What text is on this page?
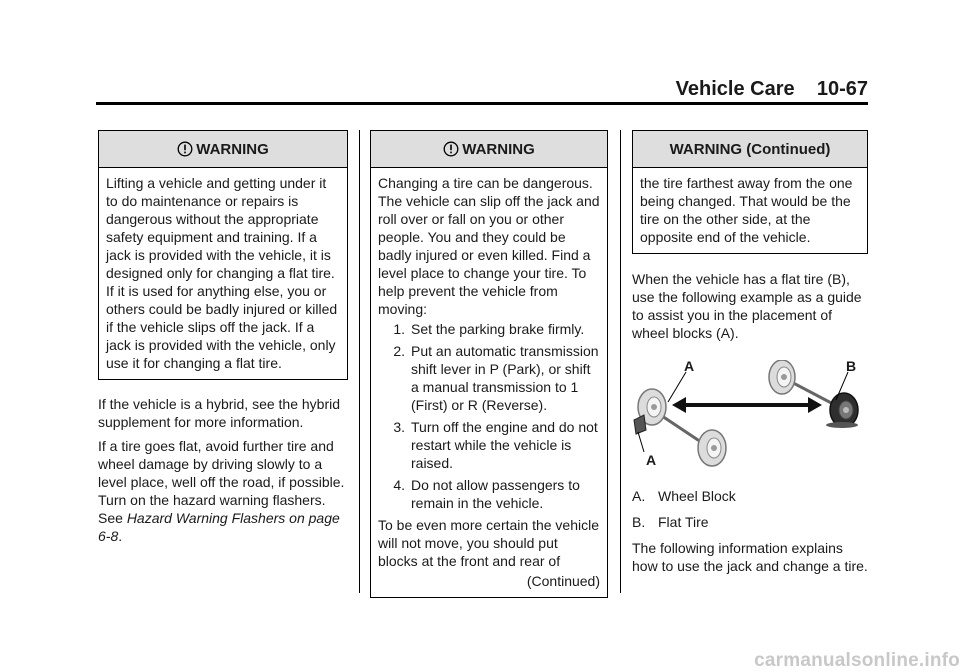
Vehicle Care    10-67
WARNING

Lifting a vehicle and getting under it to do maintenance or repairs is dangerous without the appropriate safety equipment and training. If a jack is provided with the vehicle, it is designed only for changing a flat tire. If it is used for anything else, you or others could be badly injured or killed if the vehicle slips off the jack. If a jack is provided with the vehicle, only use it for changing a flat tire.

If the vehicle is a hybrid, see the hybrid supplement for more information.

If a tire goes flat, avoid further tire and wheel damage by driving slowly to a level place, well off the road, if possible. Turn on the hazard warning flashers. See Hazard Warning Flashers on page 6-8.

WARNING

Changing a tire can be dangerous. The vehicle can slip off the jack and roll over or fall on you or other people. You and they could be badly injured or even killed. Find a level place to change your tire. To help prevent the vehicle from moving:

1. Set the parking brake firmly.
2. Put an automatic transmission shift lever in P (Park), or shift a manual transmission to 1 (First) or R (Reverse).
3. Turn off the engine and do not restart while the vehicle is raised.
4. Do not allow passengers to remain in the vehicle.

To be even more certain the vehicle will not move, you should put blocks at the front and rear of

(Continued)
WARNING (Continued)

the tire farthest away from the one being changed. That would be the tire on the other side, at the opposite end of the vehicle.

When the vehicle has a flat tire (B), use the following example as a guide to assist you in the placement of wheel blocks (A).

A	B
A
A. Wheel Block
B. Flat Tire

The following information explains how to use the jack and change a tire.

carmanualsonline.info
